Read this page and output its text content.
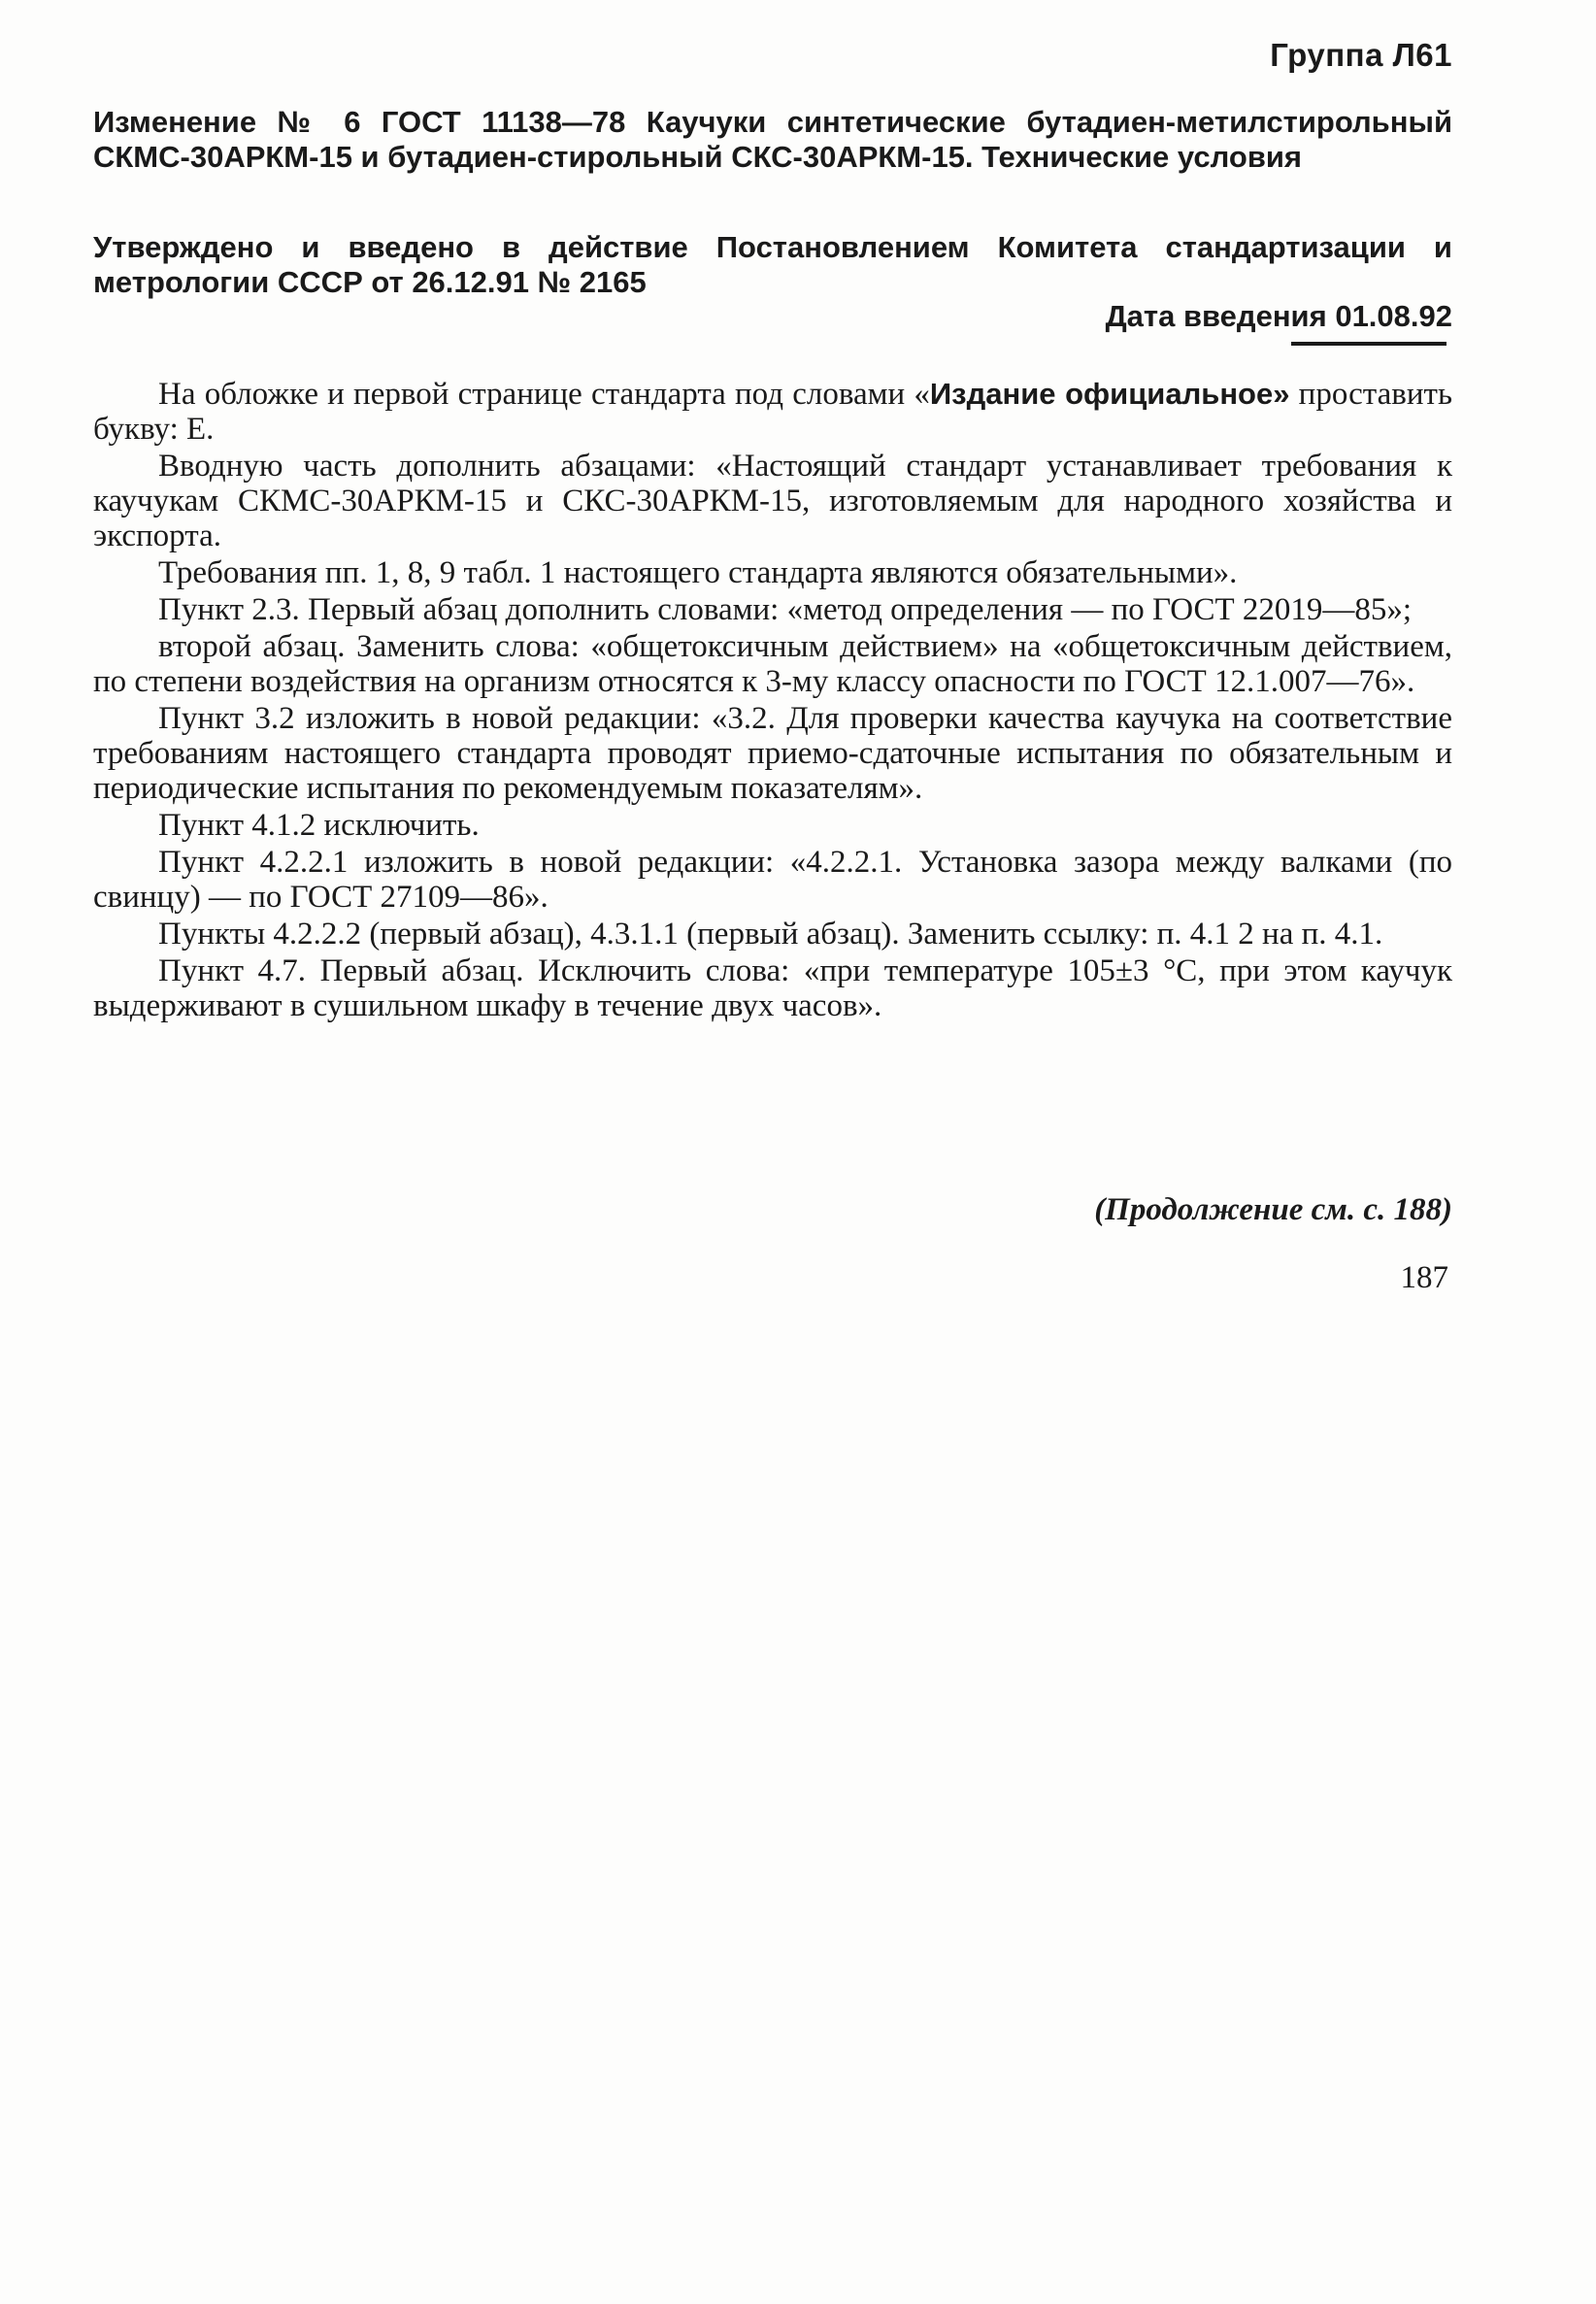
Группа Л61

Изменение № 6 ГОСТ 11138—78 Каучуки синтетические бутадиен-метилстирольный СКМС-30АРКМ-15 и бутадиен-стирольный СКС-30АРКМ-15. Технические условия

Утверждено и введено в действие Постановлением Комитета стандартизации и метрологии СССР от 26.12.91 № 2165

Дата введения 01.08.92

На обложке и первой странице стандарта под словами «Издание официальное» проставить букву: Е.

Вводную часть дополнить абзацами: «Настоящий стандарт устанавливает требования к каучукам СКМС-30АРКМ-15 и СКС-30АРКМ-15, изготовляемым для народного хозяйства и экспорта.

Требования пп. 1, 8, 9 табл. 1 настоящего стандарта являются обязательными».

Пункт 2.3. Первый абзац дополнить словами: «метод определения — по ГОСТ 22019—85»;

второй абзац. Заменить слова: «общетоксичным действием» на «общетоксичным действием, по степени воздействия на организм относятся к 3-му классу опасности по ГОСТ 12.1.007—76».

Пункт 3.2 изложить в новой редакции: «3.2. Для проверки качества каучука на соответствие требованиям настоящего стандарта проводят приемо-сдаточные испытания по обязательным и периодические испытания по рекомендуемым показателям».

Пункт 4.1.2 исключить.

Пункт 4.2.2.1 изложить в новой редакции: «4.2.2.1. Установка зазора между валками (по свинцу) — по ГОСТ 27109—86».

Пункты 4.2.2.2 (первый абзац), 4.3.1.1 (первый абзац). Заменить ссылку: п. 4.1 2 на п. 4.1.

Пункт 4.7. Первый абзац. Исключить слова: «при температуре 105±3 °С, при этом каучук выдерживают в сушильном шкафу в течение двух часов».

(Продолжение см. с. 188)
187
